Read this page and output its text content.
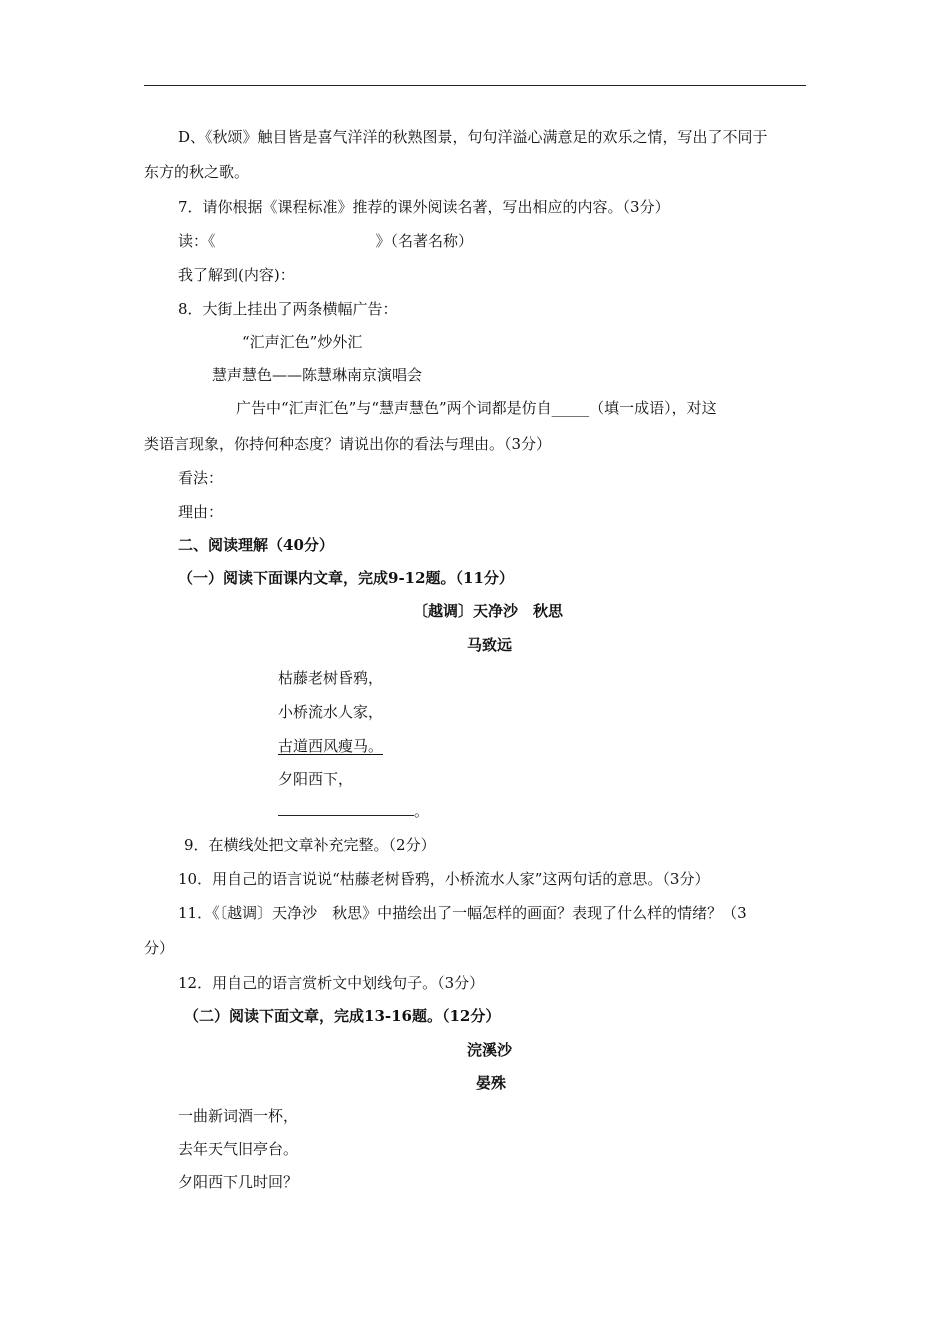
D、《秋颂》触目皆是喜气洋洋的秋熟图景，句句洋溢心满意足的欢乐之情，写出了不同于
东方的秋之歌。
7．请你根据《课程标准》推荐的课外阅读名著，写出相应的内容。（3分）
读：《	》（名著名称）
我了解到(内容)：
8．大街上挂出了两条横幅广告：
“汇声汇色”炒外汇
慧声慧色——陈慧琳南京演唱会
广告中“汇声汇色”与“慧声慧色”两个词都是仿自_____（填一成语），对这
类语言现象，你持何种态度？请说出你的看法与理由。（3分）
看法：
理由：
二、阅读理解（40分）
（一）阅读下面课内文章，完成9-12题。（11分）
〔越调〕天净沙　秋思
马致远
枯藤老树昏鸦，
小桥流水人家，
古道西风瘦马。
夕阳西下，
。
9．在横线处把文章补充完整。（2分）
10．用自己的语言说说“枯藤老树昏鸦，小桥流水人家”这两句话的意思。（3分）
11．《〔越调〕天净沙　秋思》中描绘出了一幅怎样的画面？表现了什么样的情绪？（3
分）
12．用自己的语言赏析文中划线句子。（3分）
（二）阅读下面文章，完成13-16题。（12分）
浣溪沙
晏殊
一曲新词酒一杯，
去年天气旧亭台。
夕阳西下几时回？
